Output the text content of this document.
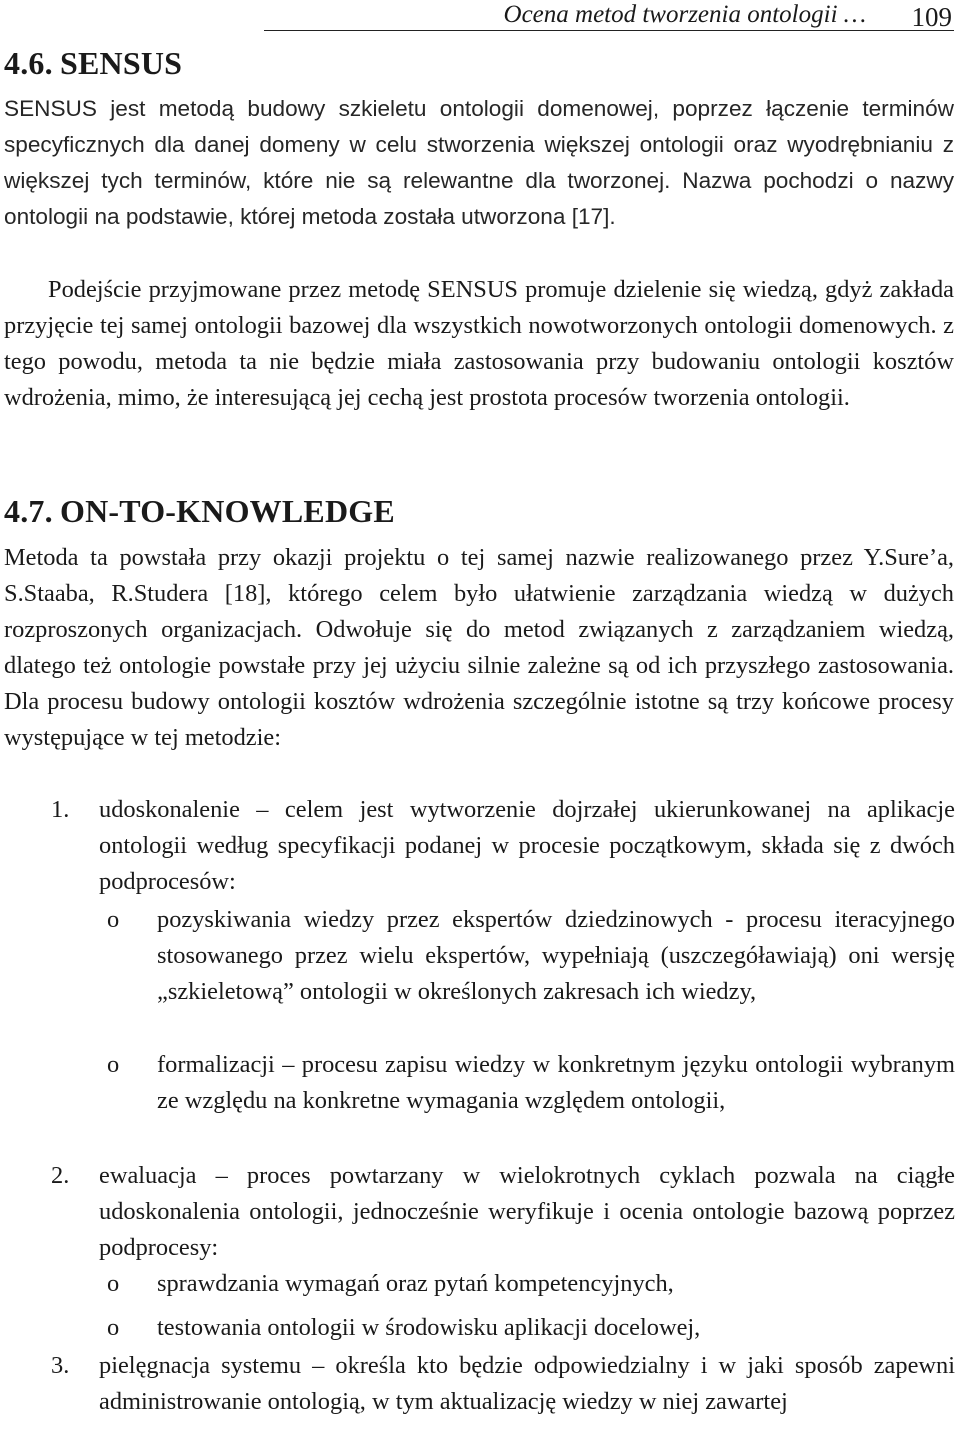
Ocena metod tworzenia ontologii … 109
4.6. SENSUS

SENSUS jest metodą budowy szkieletu ontologii domenowej, poprzez łączenie terminów specyficznych dla danej domeny w celu stworzenia większej ontologii oraz wyodrębnianiu z większej tych terminów, które nie są relewantne dla tworzonej. Nazwa pochodzi o nazwy ontologii na podstawie, której metoda została utworzona [17].

Podejście przyjmowane przez metodę SENSUS promuje dzielenie się wiedzą, gdyż zakłada przyjęcie tej samej ontologii bazowej dla wszystkich nowotworzonych ontologii domenowych. z tego powodu, metoda ta nie będzie miała zastosowania przy budowaniu ontologii kosztów wdrożenia, mimo, że interesującą jej cechą jest prostota procesów tworzenia ontologii.

4.7. ON-TO-KNOWLEDGE

Metoda ta powstała przy okazji projektu o tej samej nazwie realizowanego przez Y.Sure’a, S.Staaba, R.Studera [18], którego celem było ułatwienie zarządzania wiedzą w dużych rozproszonych organizacjach. Odwołuje się do metod związanych z zarządzaniem wiedzą, dlatego też ontologie powstałe przy jej użyciu silnie zależne są od ich przyszłego zastosowania. Dla procesu budowy ontologii kosztów wdrożenia szczególnie istotne są trzy końcowe procesy występujące w tej metodzie:

1. udoskonalenie – celem jest wytworzenie dojrzałej ukierunkowanej na aplikacje ontologii według specyfikacji podanej w procesie początkowym, składa się z dwóch podprocesów:
o pozyskiwania wiedzy przez ekspertów dziedzinowych - procesu iteracyjnego stosowanego przez wielu ekspertów, wypełniają (uszczegóławiają) oni wersję „szkieletową” ontologii w określonych zakresach ich wiedzy,
o formalizacji – procesu zapisu wiedzy w konkretnym języku ontologii wybranym ze względu na konkretne wymagania względem ontologii,
2. ewaluacja – proces powtarzany w wielokrotnych cyklach pozwala na ciągłe udoskonalenia ontologii, jednocześnie weryfikuje i ocenia ontologie bazową poprzez podprocesy:
o sprawdzania wymagań oraz pytań kompetencyjnych,
o testowania ontologii w środowisku aplikacji docelowej,
3. pielęgnacja systemu – określa kto będzie odpowiedzialny i w jaki sposób zapewni administrowanie ontologią, w tym aktualizację wiedzy w niej zawartej
